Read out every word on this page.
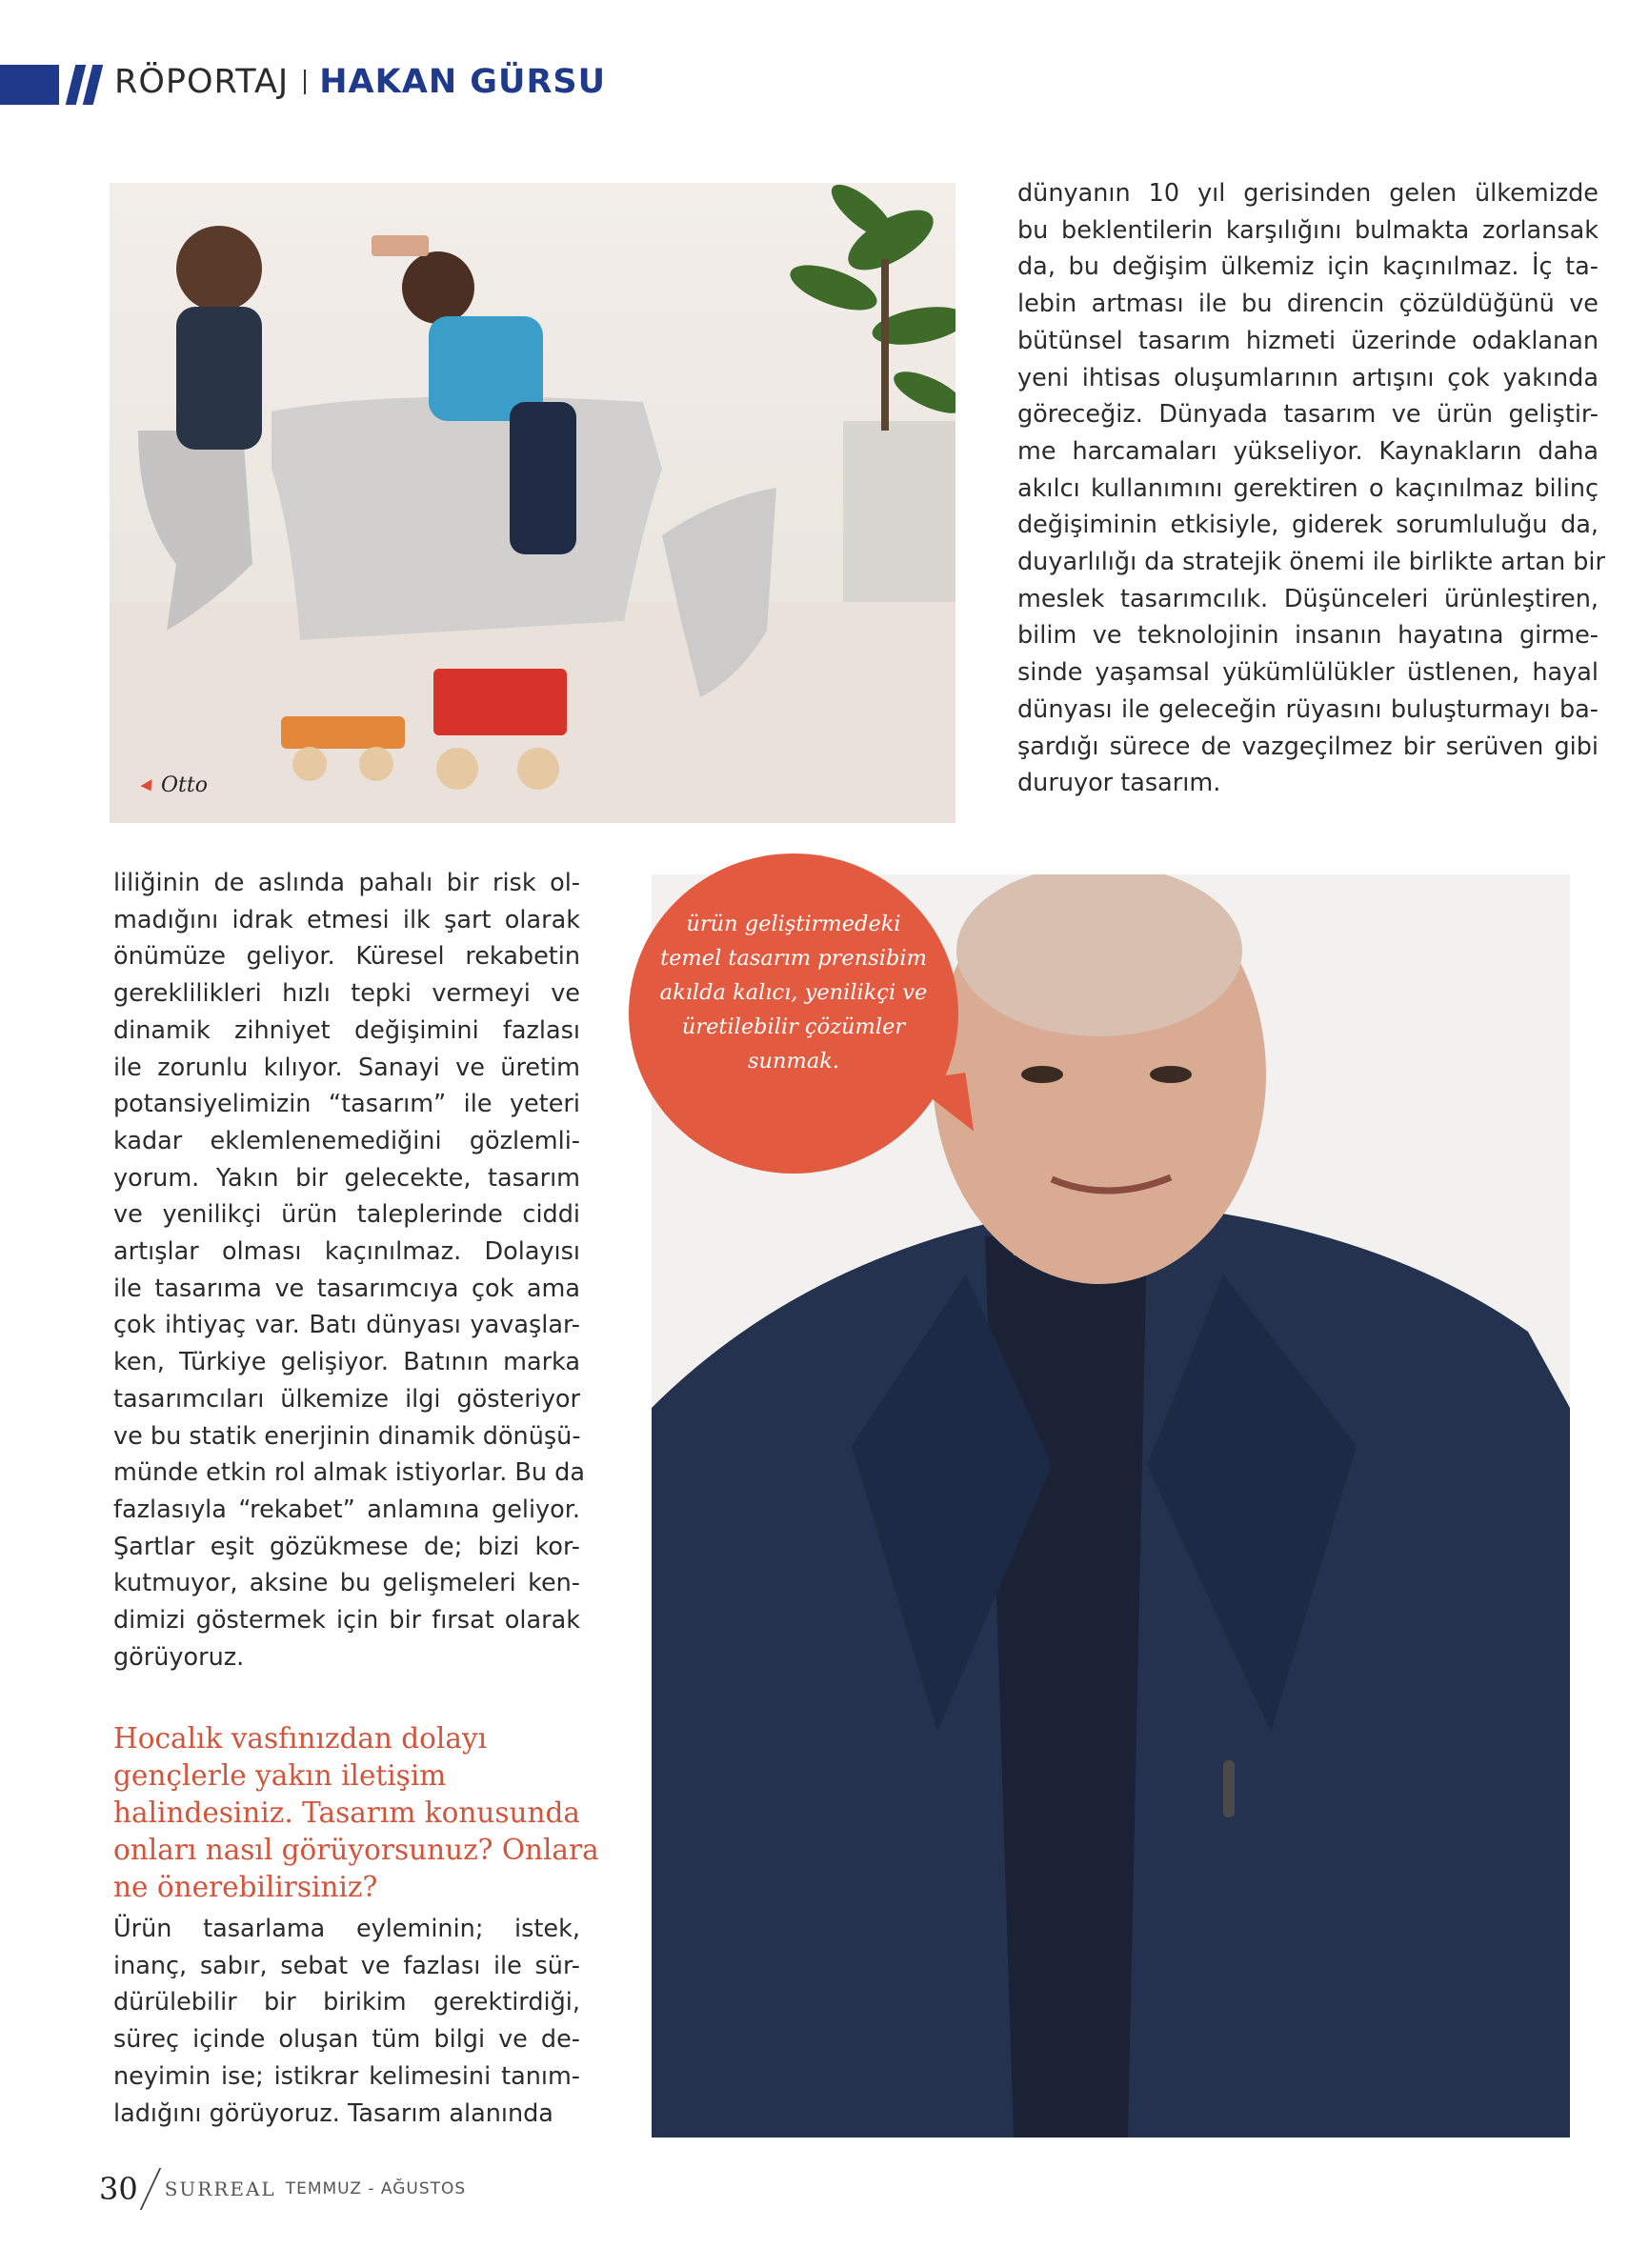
RÖPORTAJ HAKAN GÜRSU
Otto
dünyanın 10 yıl gerisinden gelen ülkemizde
bu beklentilerin karşılığını bulmakta zorlansak
da, bu değişim ülkemiz için kaçınılmaz. İç ta-
lebin artması ile bu direncin çözüldüğünü ve
bütünsel tasarım hizmeti üzerinde odaklanan
yeni ihtisas oluşumlarının artışını çok yakında
göreceğiz. Dünyada tasarım ve ürün geliştir-
me harcamaları yükseliyor. Kaynakların daha
akılcı kullanımını gerektiren o kaçınılmaz bilinç
değişiminin etkisiyle, giderek sorumluluğu da,
duyarlılığı da stratejik önemi ile birlikte artan bir
meslek tasarımcılık. Düşünceleri ürünleştiren,
bilim ve teknolojinin insanın hayatına girme-
sinde yaşamsal yükümlülükler üstlenen, hayal
dünyası ile geleceğin rüyasını buluşturmayı ba-
şardığı sürece de vazgeçilmez bir serüven gibi
duruyor tasarım.
ürün geliştirmedeki temel tasarım prensibim akılda kalıcı, yenilikçi ve üretilebilir çözümler sunmak.
liliğinin de aslında pahalı bir risk ol-
madığını idrak etmesi ilk şart olarak
önümüze geliyor. Küresel rekabetin
gereklilikleri hızlı tepki vermeyi ve
dinamik zihniyet değişimini fazlası
ile zorunlu kılıyor. Sanayi ve üretim
potansiyelimizin “tasarım” ile yeteri
kadar eklemlenemediğini gözlemli-
yorum. Yakın bir gelecekte, tasarım
ve yenilikçi ürün taleplerinde ciddi
artışlar olması kaçınılmaz. Dolayısı
ile tasarıma ve tasarımcıya çok ama
çok ihtiyaç var. Batı dünyası yavaşlar-
ken, Türkiye gelişiyor. Batının marka
tasarımcıları ülkemize ilgi gösteriyor
ve bu statik enerjinin dinamik dönüşü-
münde etkin rol almak istiyorlar. Bu da
fazlasıyla “rekabet” anlamına geliyor.
Şartlar eşit gözükmese de; bizi kor-
kutmuyor, aksine bu gelişmeleri ken-
dimizi göstermek için bir fırsat olarak
görüyoruz.
Hocalık vasfınızdan dolayı gençlerle yakın iletişim halindesiniz. Tasarım konusunda onları nasıl görüyorsunuz? Onlara ne önerebilirsiniz?
Ürün tasarlama eyleminin; istek,
inanç, sabır, sebat ve fazlası ile sür-
dürülebilir bir birikim gerektirdiği,
süreç içinde oluşan tüm bilgi ve de-
neyimin ise; istikrar kelimesini tanım-
ladığını görüyoruz. Tasarım alanında
30 SURREAL TEMMUZ - AĞUSTOS
